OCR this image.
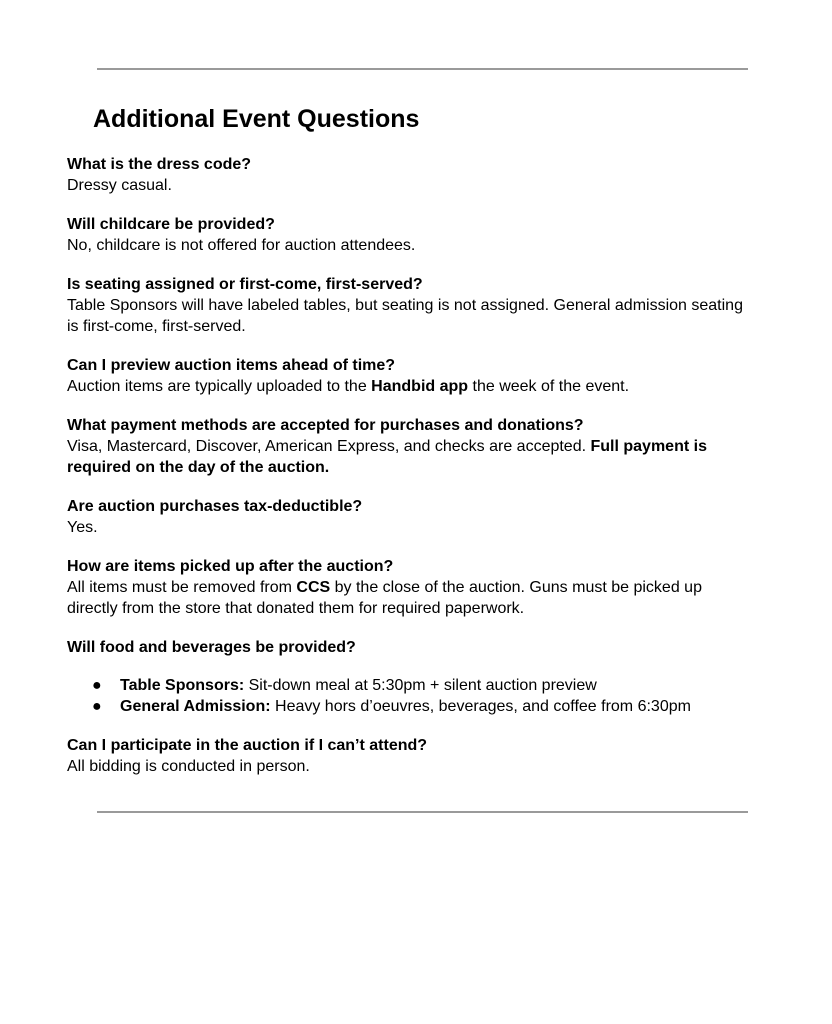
Additional Event Questions

What is the dress code?

Dressy casual.

Will childcare be provided?

No, childcare is not offered for auction attendees.

Is seating assigned or first-come, first-served?

Table Sponsors will have labeled tables, but seating is not assigned. General admission seating is first-come, first-served.

Can I preview auction items ahead of time?

Auction items are typically uploaded to the Handbid app the week of the event.

What payment methods are accepted for purchases and donations?

Visa, Mastercard, Discover, American Express, and checks are accepted. Full payment is required on the day of the auction.

Are auction purchases tax-deductible?

Yes.

How are items picked up after the auction?

All items must be removed from CCS by the close of the auction. Guns must be picked up directly from the store that donated them for required paperwork.

Will food and beverages be provided?

● Table Sponsors: Sit-down meal at 5:30pm + silent auction preview
● General Admission: Heavy hors d’oeuvres, beverages, and coffee from 6:30pm

Can I participate in the auction if I can’t attend?

All bidding is conducted in person.
